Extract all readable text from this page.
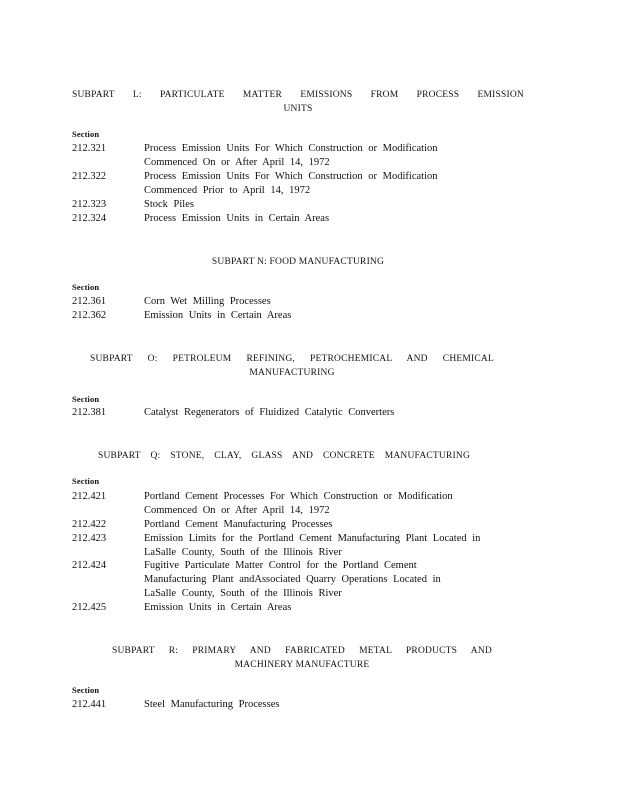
SUBPART L: PARTICULATE MATTER EMISSIONS FROM PROCESS EMISSION
UNITS
Section
212.321	Process Emission Units For Which Construction or Modification
Commenced On or After April 14, 1972
212.322	Process Emission Units For Which Construction or Modification
Commenced Prior to April 14, 1972
212.323	Stock Piles
212.324	Process Emission Units in Certain Areas
SUBPART N: FOOD MANUFACTURING
Section
212.361	Corn Wet Milling Processes
212.362	Emission Units in Certain Areas
SUBPART O: PETROLEUM REFINING, PETROCHEMICAL AND CHEMICAL
MANUFACTURING
Section
212.381	Catalyst Regenerators of Fluidized Catalytic Converters
SUBPART Q: STONE, CLAY, GLASS AND CONCRETE MANUFACTURING
Section
212.421	Portland Cement Processes For Which Construction or Modification
Commenced On or After April 14, 1972
212.422	Portland Cement Manufacturing Processes
212.423	Emission Limits for the Portland Cement Manufacturing Plant Located in
LaSalle County, South of the Illinois River
212.424	Fugitive Particulate Matter Control for the Portland Cement
Manufacturing Plant andAssociated Quarry Operations Located in
LaSalle County, South of the Illinois River
212.425	Emission Units in Certain Areas
SUBPART R: PRIMARY AND FABRICATED METAL PRODUCTS AND
MACHINERY MANUFACTURE
Section
212.441	Steel Manufacturing Processes
